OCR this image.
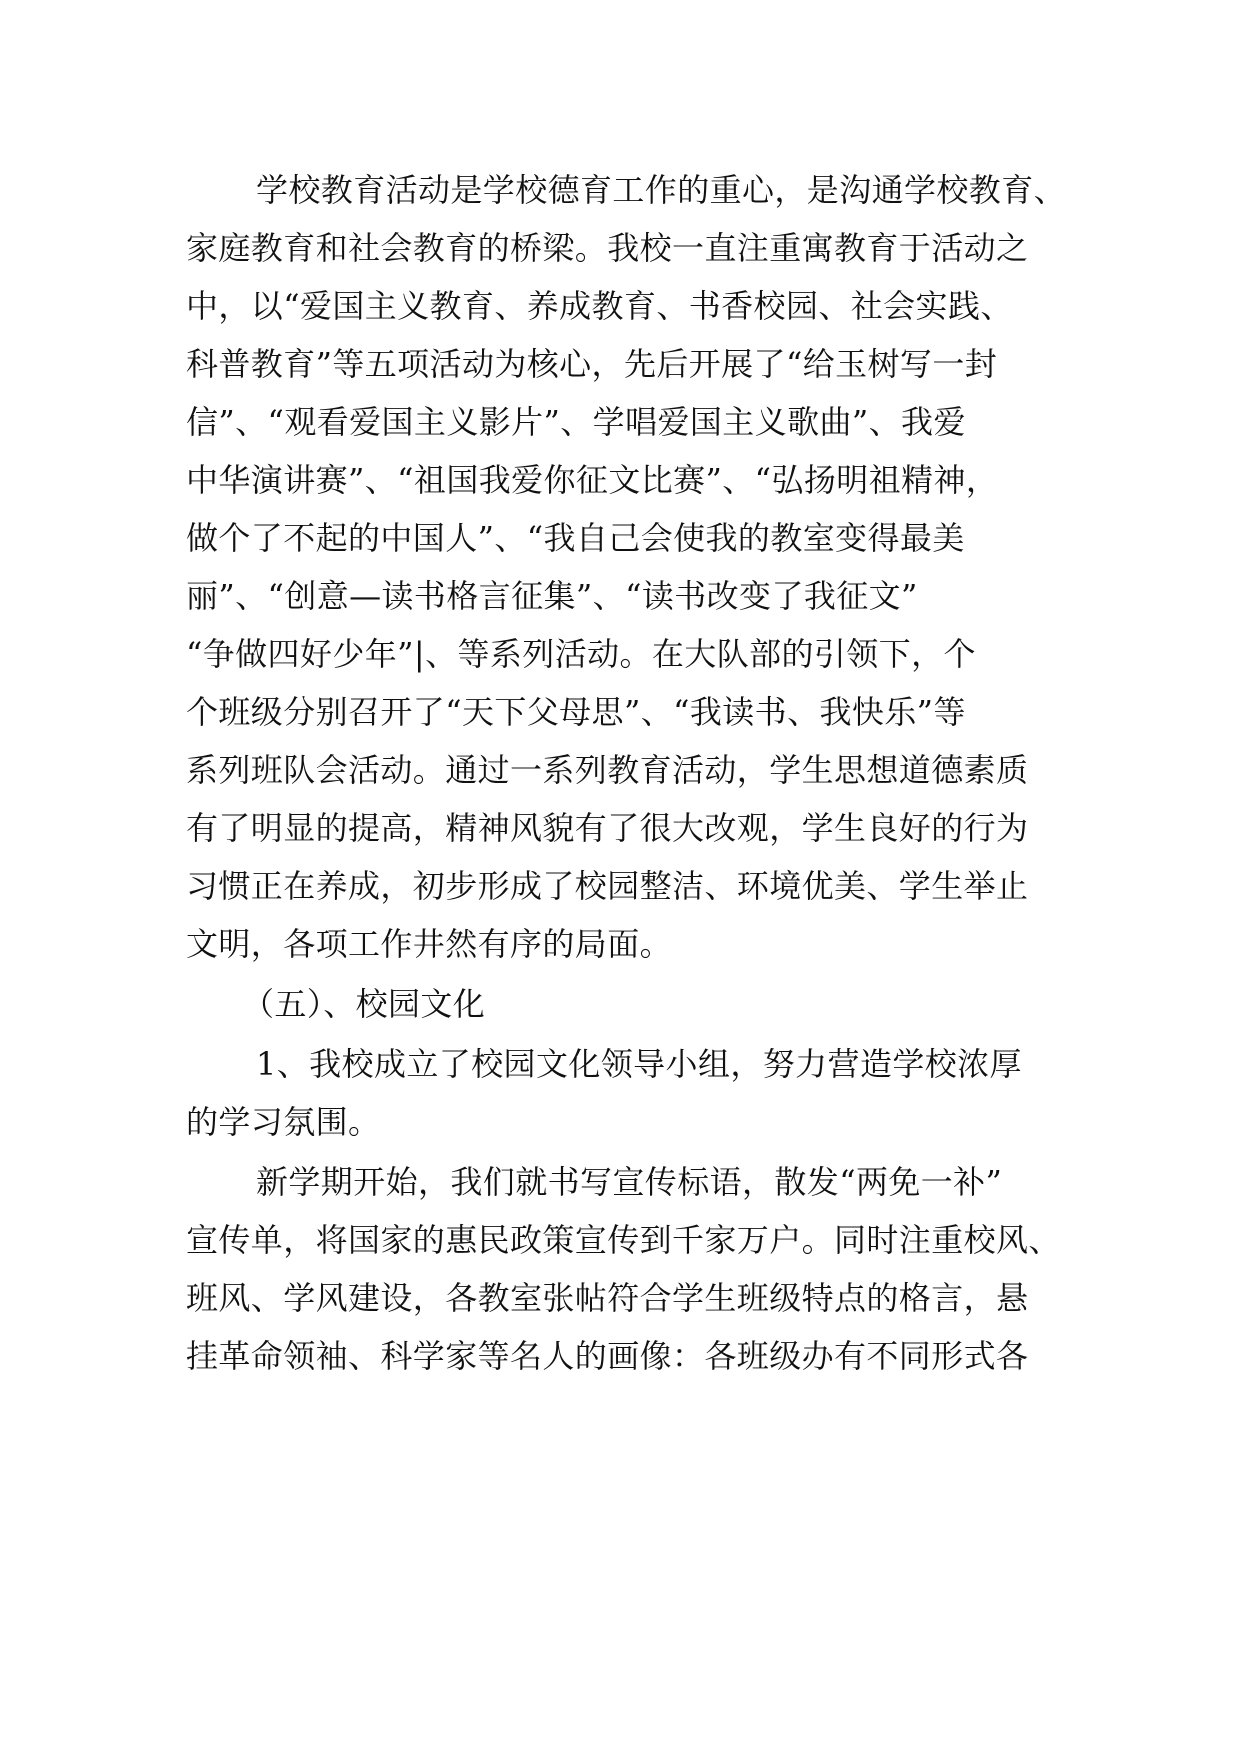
学校教育活动是学校德育工作的重心，是沟通学校教育、
家庭教育和社会教育的桥梁。我校一直注重寓教育于活动之
中，以“爱国主义教育、养成教育、书香校园、社会实践、
科普教育”等五项活动为核心，先后开展了“给玉树写一封
信”、“观看爱国主义影片”、学唱爱国主义歌曲”、我爱
中华演讲赛”、“祖国我爱你征文比赛”、“弘扬明祖精神，
做个了不起的中国人”、“我自己会使我的教室变得最美
丽”、“创意—读书格言征集”、“读书改变了我征文”
“争做四好少年”|、等系列活动。在大队部的引领下，个
个班级分别召开了“天下父母思”、“我读书、我快乐”等
系列班队会活动。通过一系列教育活动，学生思想道德素质
有了明显的提高，精神风貌有了很大改观，学生良好的行为
习惯正在养成，初步形成了校园整洁、环境优美、学生举止
文明，各项工作井然有序的局面。
（五）、校园文化
1、我校成立了校园文化领导小组，努力营造学校浓厚
的学习氛围。
新学期开始，我们就书写宣传标语，散发“两免一补”
宣传单，将国家的惠民政策宣传到千家万户。同时注重校风、
班风、学风建设，各教室张帖符合学生班级特点的格言，悬
挂革命领袖、科学家等名人的画像：各班级办有不同形式各
